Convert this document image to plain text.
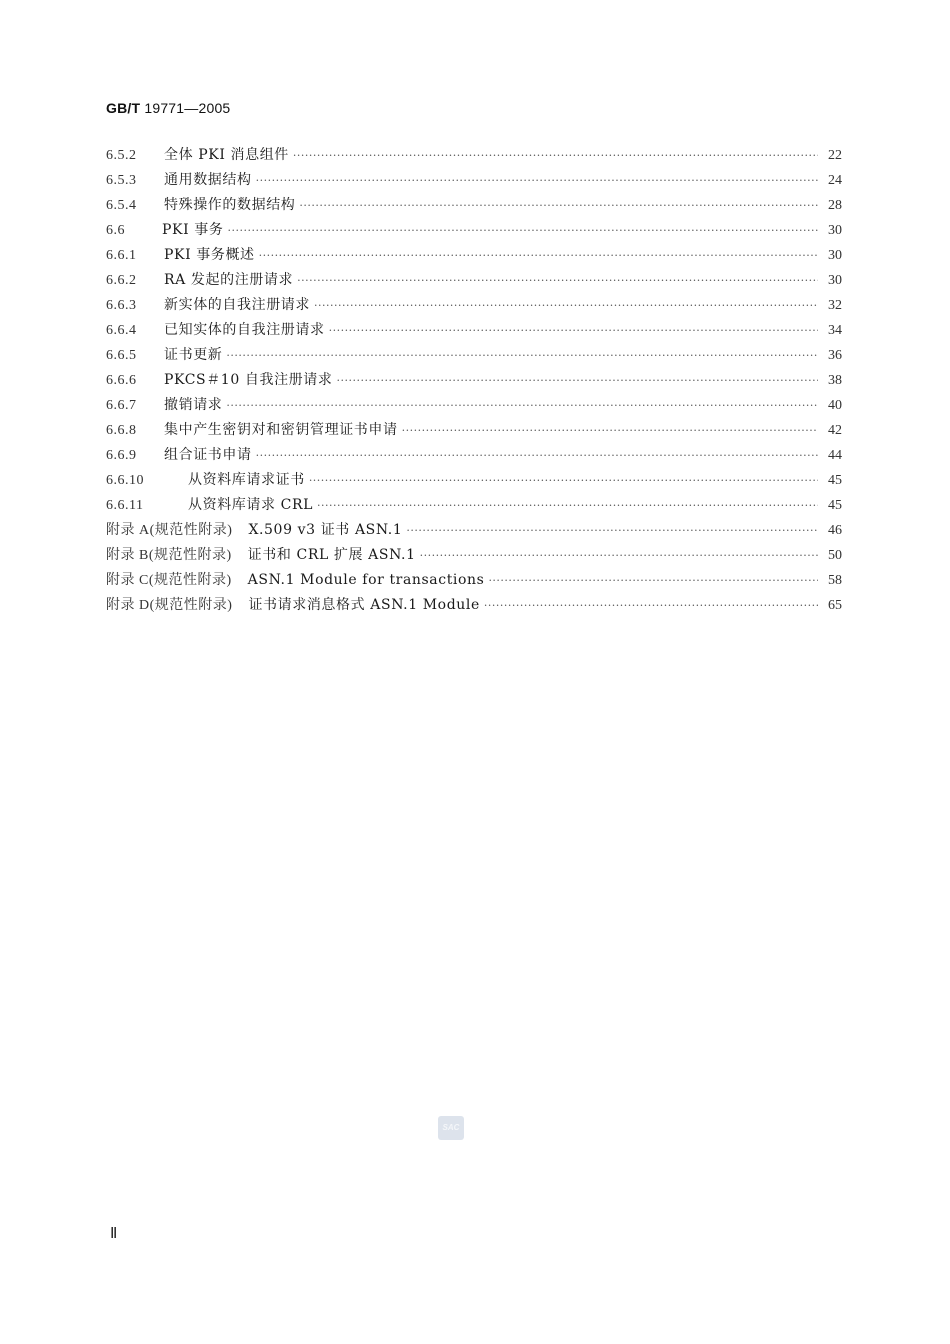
GB/T 19771—2005
6.5.2	全体 PKI 消息组件 ·····	22
6.5.3	通用数据结构 ·····	24
6.5.4	特殊操作的数据结构 ·····	28
6.6	PKI 事务 ·····	30
6.6.1	PKI 事务概述 ·····	30
6.6.2	RA 发起的注册请求 ·····	30
6.6.3	新实体的自我注册请求 ·····	32
6.6.4	已知实体的自我注册请求 ·····	34
6.6.5	证书更新 ·····	36
6.6.6	PKCS＃10 自我注册请求 ·····	38
6.6.7	撤销请求 ·····	40
6.6.8	集中产生密钥对和密钥管理证书申请 ·····	42
6.6.9	组合证书申请 ·····	44
6.6.10	从资料库请求证书 ·····	45
6.6.11	从资料库请求 CRL ·····	45
附录 A(规范性附录) X.509 v3 证书 ASN.1 ·····	46
附录 B(规范性附录) 证书和 CRL 扩展 ASN.1 ·····	50
附录 C(规范性附录) ASN.1 Module for transactions ·····	58
附录 D(规范性附录) 证书请求消息格式 ASN.1 Module ·····	65
SAC
Ⅱ
